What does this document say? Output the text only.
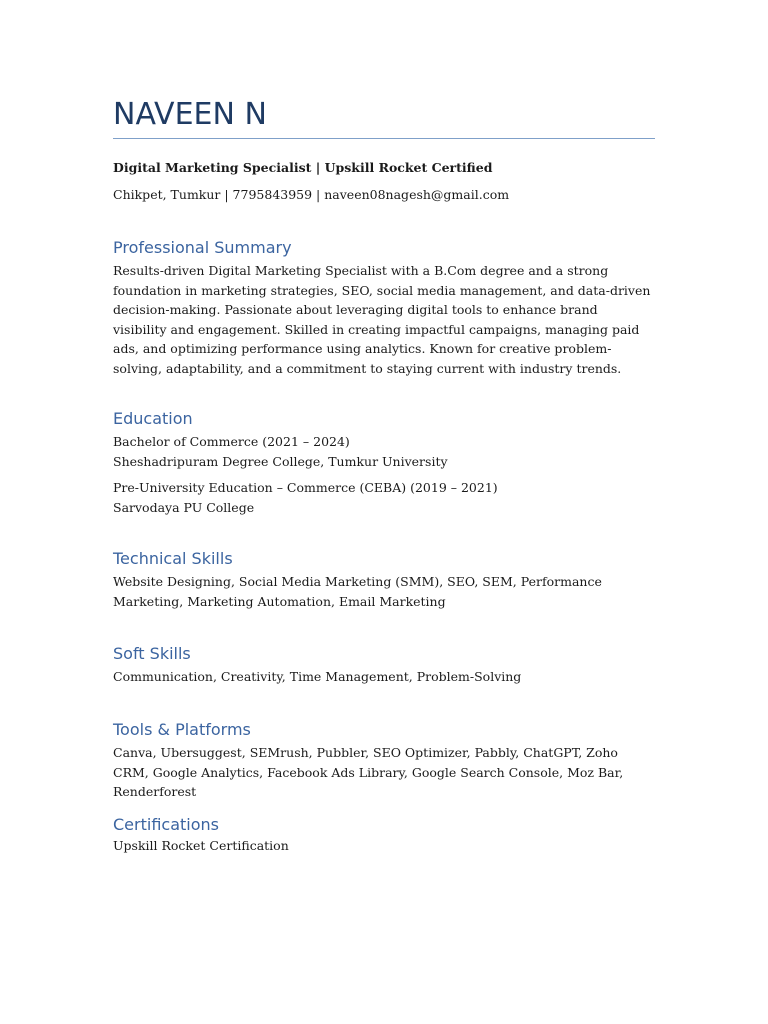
NAVEEN N
Digital Marketing Specialist | Upskill Rocket Certified
Chikpet, Tumkur | 7795843959 | naveen08nagesh@gmail.com
Professional Summary

Results-driven Digital Marketing Specialist with a B.Com degree and a strong foundation in marketing strategies, SEO, social media management, and data-driven decision-making. Passionate about leveraging digital tools to enhance brand visibility and engagement. Skilled in creating impactful campaigns, managing paid ads, and optimizing performance using analytics. Known for creative problem-solving, adaptability, and a commitment to staying current with industry trends.

Education

Bachelor of Commerce (2021 – 2024)

Sheshadripuram Degree College, Tumkur University

Pre-University Education – Commerce (CEBA) (2019 – 2021)

Sarvodaya PU College

Technical Skills

Website Designing, Social Media Marketing (SMM), SEO, SEM, Performance Marketing, Marketing Automation, Email Marketing

Soft Skills

Communication, Creativity, Time Management, Problem-Solving

Tools & Platforms

Canva, Ubersuggest, SEMrush, Pubbler, SEO Optimizer, Pabbly, ChatGPT, Zoho CRM, Google Analytics, Facebook Ads Library, Google Search Console, Moz Bar, Renderforest

Certifications

Upskill Rocket Certification
